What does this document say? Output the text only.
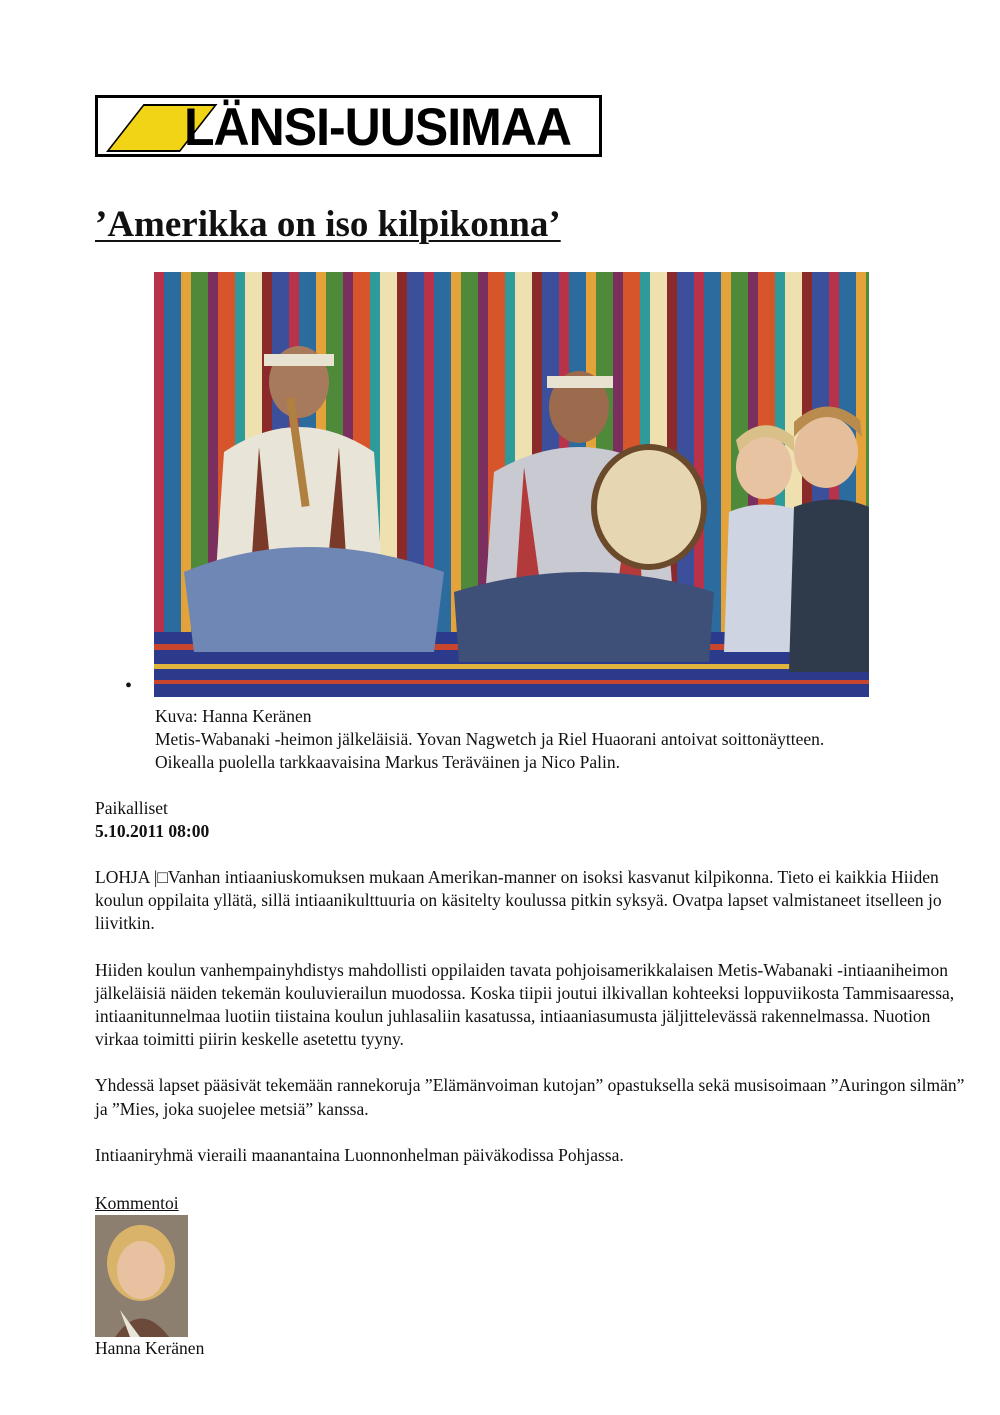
LÄNSI-UUSIMAA
’Amerikka on iso kilpikonna’
•
Kuva: Hanna Keränen
Metis-Wabanaki -heimon jälkeläisiä. Yovan Nagwetch ja Riel Huaorani antoivat soittonäytteen.
Oikealla puolella tarkkaavaisina Markus Teräväinen ja Nico Palin.
Paikalliset
5.10.2011 08:00

LOHJA |□Vanhan intiaaniuskomuksen mukaan Amerikan-manner on isoksi kasvanut kilpikonna. Tieto ei kaikkia Hiiden koulun oppilaita yllätä, sillä intiaanikulttuuria on käsitelty koulussa pitkin syksyä. Ovatpa lapset valmistaneet itselleen jo liivitkin.

Hiiden koulun vanhempainyhdistys mahdollisti oppilaiden tavata pohjoisamerikkalaisen Metis-Wabanaki -intiaaniheimon jälkeläisiä näiden tekemän kouluvierailun muodossa. Koska tiipii joutui ilkivallan kohteeksi loppuviikosta Tammisaaressa, intiaanitunnelmaa luotiin tiistaina koulun juhlasaliin kasatussa, intiaaniasumusta jäljittelevässä rakennelmassa. Nuotion virkaa toimitti piirin keskelle asetettu tyyny.

Yhdessä lapset pääsivät tekemään rannekoruja ”Elämänvoiman kutojan” opastuksella sekä musisoimaan ”Auringon silmän” ja ”Mies, joka suojelee metsiä” kanssa.

Intiaaniryhmä vieraili maanantaina Luonnonhelman päiväkodissa Pohjassa.

Kommentoi
Hanna Keränen
